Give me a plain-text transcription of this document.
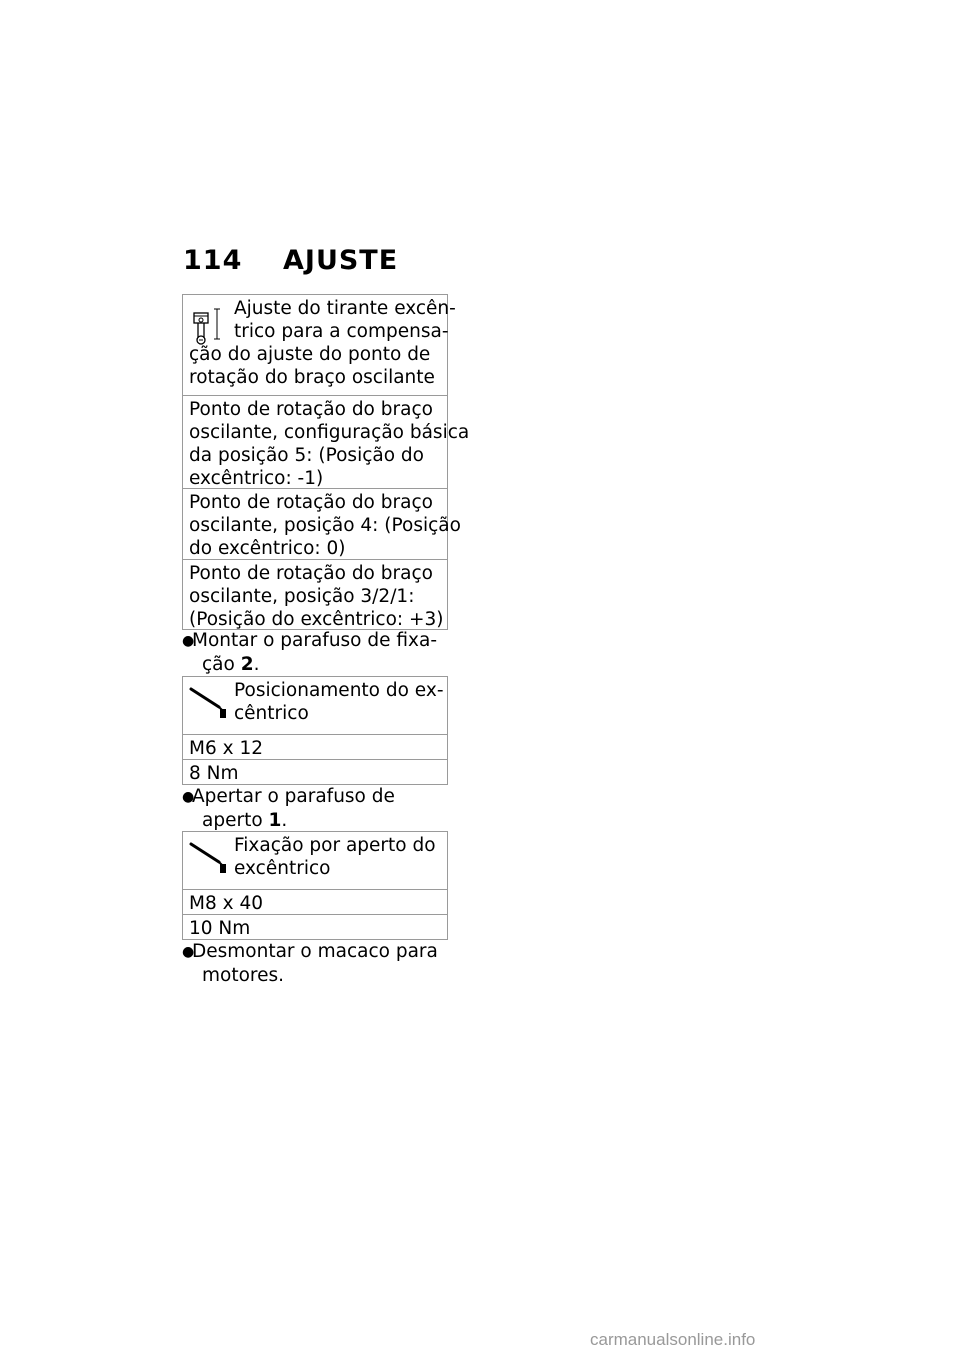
114 AJUSTE
Ajuste do tirante excên-
trico para a compensa-
ção do ajuste do ponto de
rotação do braço oscilante
Ponto de rotação do braço
oscilante, configuração básica
da posição 5: (Posição do
excêntrico: -1)
Ponto de rotação do braço
oscilante, posição 4: (Posição
do excêntrico: 0)
Ponto de rotação do braço
oscilante, posição 3/2/1:
(Posição do excêntrico: +3)
●Montar o parafuso de fixa-
ção 2.
Posicionamento do ex-
cêntrico
M6 x 12
8 Nm
●Apertar o parafuso de
aperto 1.
Fixação por aperto do
excêntrico
M8 x 40
10 Nm
●Desmontar o macaco para
motores.
carmanualsonline.info
